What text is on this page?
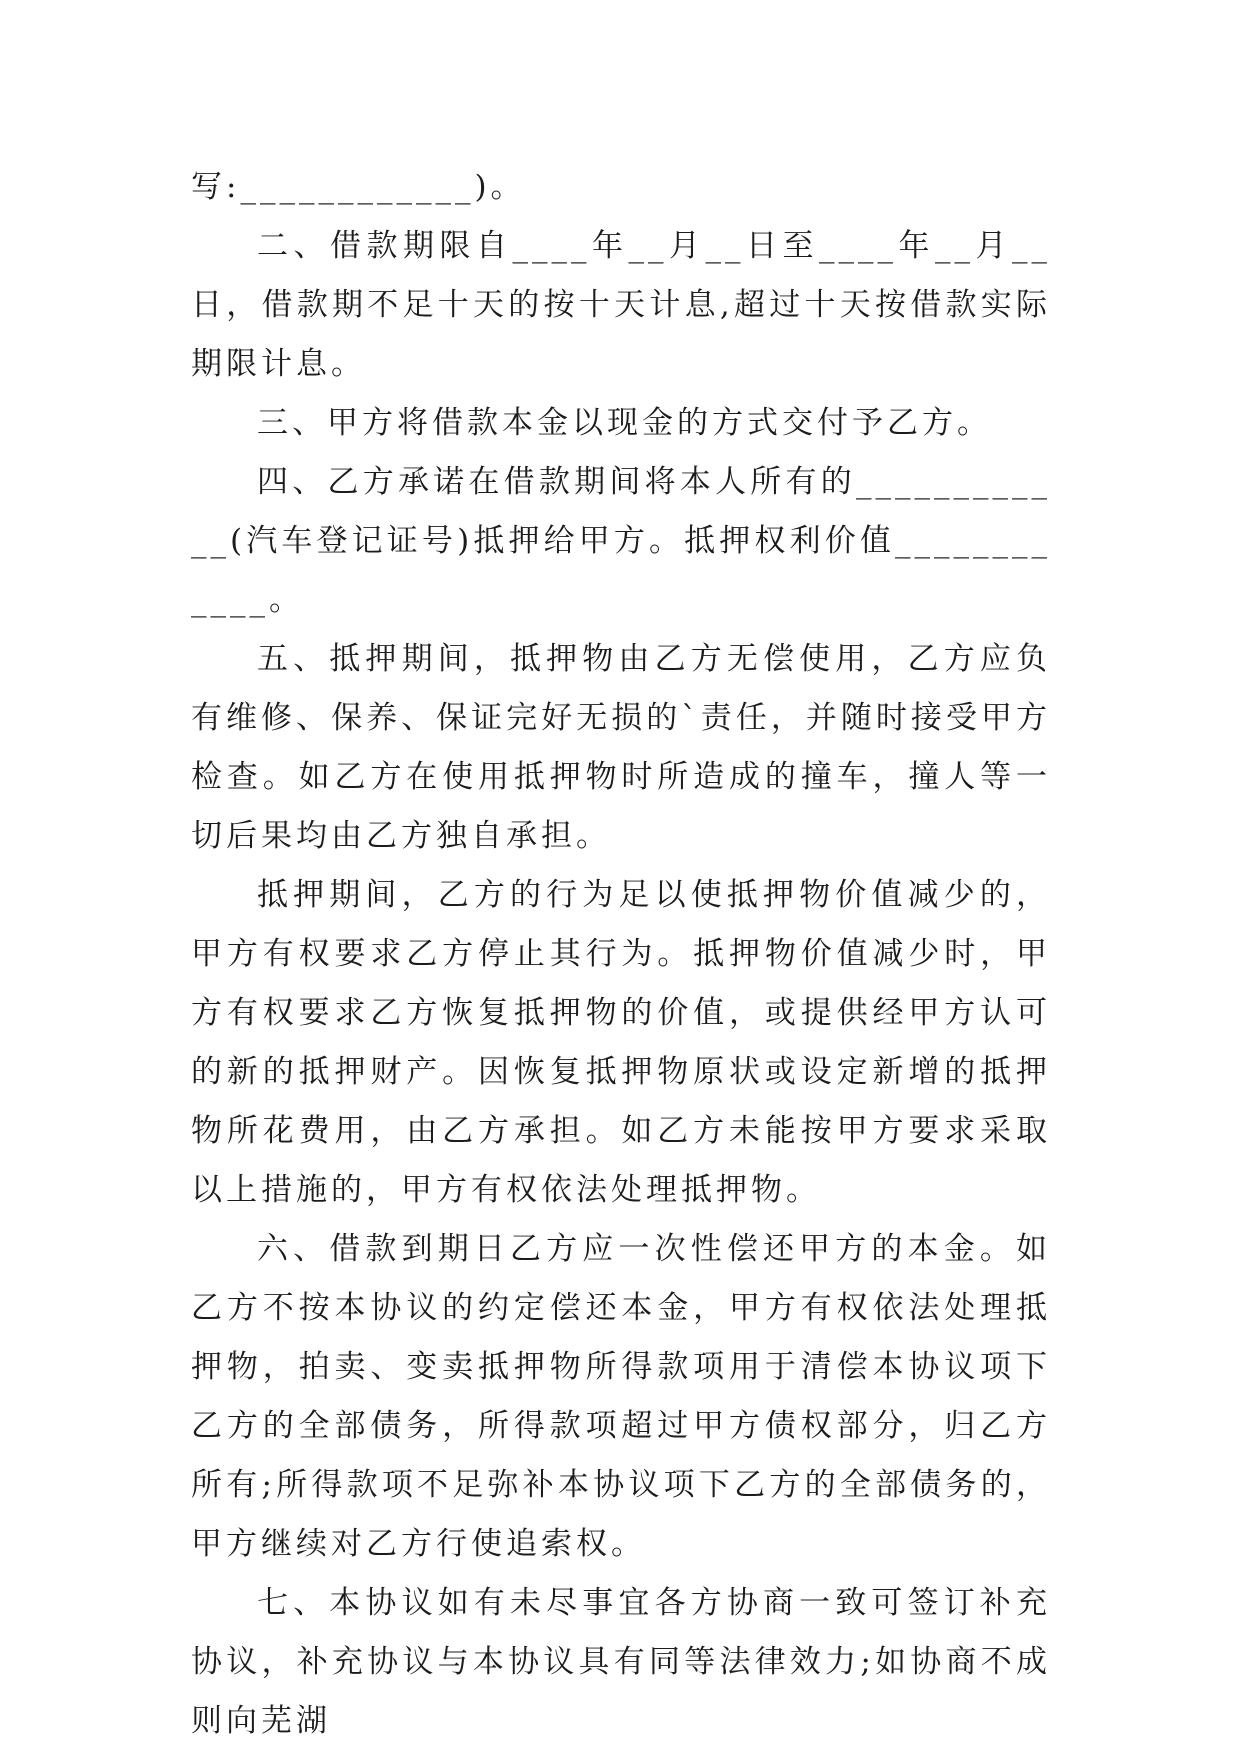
写:____________)。

二、借款期限自____年__月__日至____年__月__日，借款期不足十天的按十天计息,超过十天按借款实际期限计息。

三、甲方将借款本金以现金的方式交付予乙方。

四、乙方承诺在借款期间将本人所有的____________(汽车登记证号)抵押给甲方。抵押权利价值____________。

五、抵押期间，抵押物由乙方无偿使用，乙方应负有维修、保养、保证完好无损的`责任，并随时接受甲方检查。如乙方在使用抵押物时所造成的撞车，撞人等一切后果均由乙方独自承担。

抵押期间，乙方的行为足以使抵押物价值减少的，甲方有权要求乙方停止其行为。抵押物价值减少时，甲方有权要求乙方恢复抵押物的价值，或提供经甲方认可的新的抵押财产。因恢复抵押物原状或设定新增的抵押物所花费用，由乙方承担。如乙方未能按甲方要求采取以上措施的，甲方有权依法处理抵押物。

六、借款到期日乙方应一次性偿还甲方的本金。如乙方不按本协议的约定偿还本金，甲方有权依法处理抵押物，拍卖、变卖抵押物所得款项用于清偿本协议项下乙方的全部债务，所得款项超过甲方债权部分，归乙方所有;所得款项不足弥补本协议项下乙方的全部债务的，甲方继续对乙方行使追索权。

七、本协议如有未尽事宜各方协商一致可签订补充协议，补充协议与本协议具有同等法律效力;如协商不成则向芜湖
